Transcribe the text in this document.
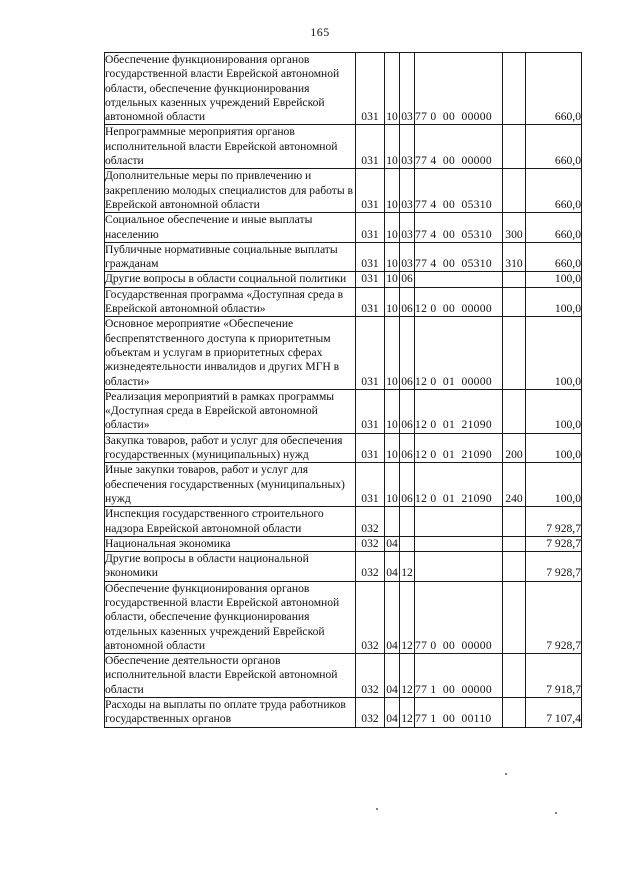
165
Обеспечение функционирования органов государственной власти Еврейской автономной области, обеспечение функционирования отдельных казенных учреждений Еврейской автономной области	031	10	03	77 0  00  00000		660,0
Непрограммные мероприятия органов исполнительной власти Еврейской автономной области	031	10	03	77 4  00  00000		660,0
Дополнительные меры по привлечению и закреплению молодых специалистов для работы в Еврейской автономной области	031	10	03	77 4  00  05310		660,0
Социальное обеспечение и иные выплаты населению	031	10	03	77 4  00  05310	300	660,0
Публичные нормативные социальные выплаты гражданам	031	10	03	77 4  00  05310	310	660,0
Другие вопросы в области социальной политики	031	10	06			100,0
Государственная программа «Доступная среда в Еврейской автономной области»	031	10	06	12 0  00  00000		100,0
Основное мероприятие «Обеспечение беспрепятственного доступа к приоритетным объектам и услугам в приоритетных сферах жизнедеятельности инвалидов и других МГН в области»	031	10	06	12 0  01  00000		100,0
Реализация мероприятий в рамках программы «Доступная среда в Еврейской автономной области»	031	10	06	12 0  01  21090		100,0
Закупка товаров, работ и услуг для обеспечения государственных (муниципальных) нужд	031	10	06	12 0  01  21090	200	100,0
Иные закупки товаров, работ и услуг для обеспечения государственных (муниципальных) нужд	031	10	06	12 0  01  21090	240	100,0
Инспекция государственного строительного надзора Еврейской автономной области	032					7 928,7
Национальная экономика	032	04				7 928,7
Другие вопросы в области национальной экономики	032	04	12			7 928,7
Обеспечение функционирования органов государственной власти Еврейской автономной области, обеспечение функционирования отдельных казенных учреждений Еврейской автономной области	032	04	12	77 0  00  00000		7 928,7
Обеспечение деятельности органов исполнительной власти Еврейской автономной области	032	04	12	77 1  00  00000		7 918,7
Расходы на выплаты по оплате труда работников государственных органов	032	04	12	77 1  00  00110		7 107,4
